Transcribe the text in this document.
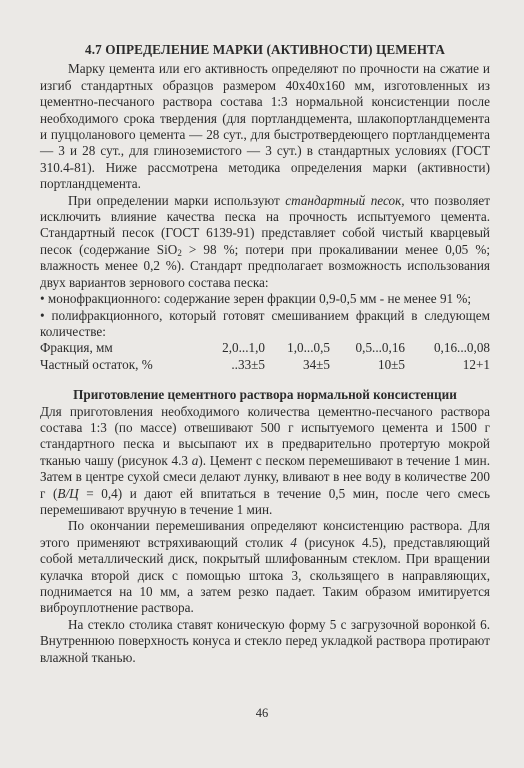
4.7 ОПРЕДЕЛЕНИЕ МАРКИ (АКТИВНОСТИ) ЦЕМЕНТА

Марку цемента или его активность определяют по прочности на сжатие и изгиб стандартных образцов размером 40x40x160 мм, изготовленных из цементно-песчаного раствора состава 1:3 нормальной консистенции после необходимого срока твердения (для портландцемента, шлакопортландцемента и пуццоланового цемента — 28 сут., для быстротвердеющего портландцемента — 3 и 28 сут., для глиноземистого — 3 сут.) в стандартных условиях (ГОСТ 310.4-81). Ниже рассмотрена методика определения марки (активности) портландцемента.

При определении марки используют стандартный песок, что позволяет исключить влияние качества песка на прочность испытуемого цемента. Стандартный песок (ГОСТ 6139-91) представляет собой чистый кварцевый песок (содержание SiO$_2$ > 98 %; потери при прокаливании менее 0,05 %; влажность менее 0,2 %). Стандарт предполагает возможность использования двух вариантов зернового состава песка:

• монофракционного: содержание зерен фракции 0,9-0,5 мм - не менее 91 %;

• полифракционного, который готовят смешиванием фракций в следующем количестве:

Фракция, мм	2,0...1,0	1,0...0,5	0,5...0,16	0,16...0,08
Частный остаток, %	..33±5	34±5	10±5	12+1
Приготовление цементного раствора нормальной консистенции

Для приготовления необходимого количества цементно-песчаного раствора состава 1:3 (по массе) отвешивают 500 г испытуемого цемента и 1500 г стандартного песка и высыпают их в предварительно протертую мокрой тканью чашу (рисунок 4.3 а). Цемент с песком перемешивают в течение 1 мин. Затем в центре сухой смеси делают лунку, вливают в нее воду в количестве 200 г (В/Ц = 0,4) и дают ей впитаться в течение 0,5 мин, после чего смесь перемешивают вручную в течение 1 мин.

По окончании перемешивания определяют консистенцию раствора. Для этого применяют встряхивающий столик 4 (рисунок 4.5), представляющий собой металлический диск, покрытый шлифованным стеклом. При вращении кулачка второй диск с помощью штока 3, скользящего в направляющих, поднимается на 10 мм, а затем резко падает. Таким образом имитируется виброуплотнение раствора.

На стекло столика ставят коническую форму 5 с загрузочной воронкой 6. Внутреннюю поверхность конуса и стекло перед укладкой раствора протирают влажной тканью.

46
